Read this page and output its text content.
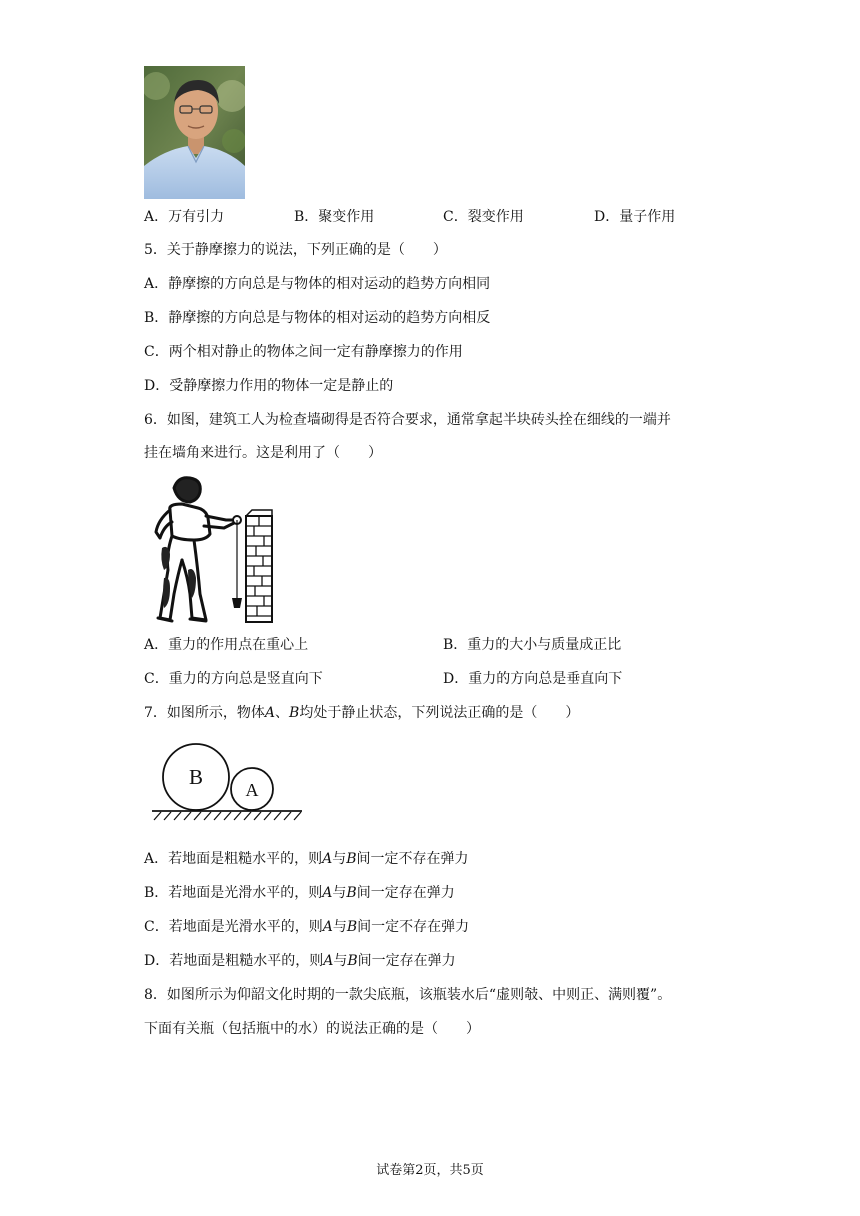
A．万有引力	B．聚变作用	C．裂变作用	D．量子作用
5．关于静摩擦力的说法，下列正确的是（　　）
A．静摩擦的方向总是与物体的相对运动的趋势方向相同
B．静摩擦的方向总是与物体的相对运动的趋势方向相反
C．两个相对静止的物体之间一定有静摩擦力的作用
D．受静摩擦力作用的物体一定是静止的
6．如图，建筑工人为检查墙砌得是否符合要求，通常拿起半块砖头拴在细线的一端并
挂在墙角来进行。这是利用了（　　）
A．重力的作用点在重心上	B．重力的大小与质量成正比
C．重力的方向总是竖直向下	D．重力的方向总是垂直向下
7．如图所示，物体A、B均处于静止状态，下列说法正确的是（　　）
B
A
A．若地面是粗糙水平的，则A与B间一定不存在弹力
B．若地面是光滑水平的，则A与B间一定存在弹力
C．若地面是光滑水平的，则A与B间一定不存在弹力
D．若地面是粗糙水平的，则A与B间一定存在弹力
8．如图所示为仰韶文化时期的一款尖底瓶，该瓶装水后“虚则攲、中则正、满则覆”。
下面有关瓶（包括瓶中的水）的说法正确的是（　　）
试卷第2页，共5页
